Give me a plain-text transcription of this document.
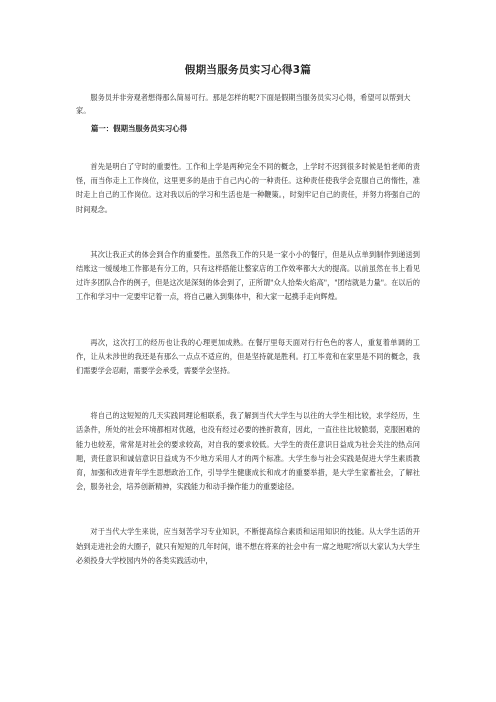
假期当服务员实习心得3篇

服务员并非旁观者想得那么简易可行。那是怎样的呢?下面是假期当服务员实习心得，希望可以帮到大家。

篇一：假期当服务员实习心得

首先是明白了守时的重要性。工作和上学是两种完全不同的概念，上学时不迟到很多时候是怕老师的责怪，而当你走上工作岗位，这里更多的是由于自己内心的一种责任。这种责任使我学会克服自己的惰性，准时走上自己的工作岗位。这对我以后的学习和生活也是一种鞭策。，时刻牢记自己的责任，并努力将强自己的时间观念。

其次让我正式的体会到合作的重要性。虽然我工作的只是一家小小的餐厅，但是从点单到制作到递送到结账这一缓缓地工作都是有分工的，只有这样搭能让整家店的工作效率都大大的提高。以前虽然在书上看见过许多团队合作的例子，但是这次是深刻的体会到了，正所谓"众人拾柴火焰高"，"团结就是力量"。在以后的工作和学习中一定要牢记着一点，将自己融入到集体中，和大家一起携手走向辉煌。

再次，这次打工的经历也让我的心理更加成熟。在餐厅里每天面对行行色色的客人，重复着单调的工作，让从未涉世的我还是有那么一点点不适应的，但是坚持就是胜利。打工毕竟和在家里是不同的概念，我们需要学会忍耐，需要学会承受，需要学会坚持。

将自己的这短短的几天实践同理论相联系，我了解到当代大学生与以往的大学生相比较，求学经历，生活条件，所处的社会环境都相对优越，也没有经过必要的挫折教育，因此，一直往往比较脆弱，克服困难的能力也较差，常常是对社会的要求较高，对自我的要求较低。大学生的责任意识日益成为社会关注的热点问题，责任意识和诚信意识日益成为不少地方采用人才的两个标准。大学生参与社会实践是促进大学生素质教育，加强和改进青年学生思想政治工作，引导学生健康成长和成才的重要举措，是大学生家蓄社会，了解社会，服务社会，培养创新精神，实践能力和动手操作能力的重要途径。

对于当代大学生来说，应当刻苦学习专业知识，不断提高综合素质和运用知识的技能。从大学生活的开始到走进社会的大圈子，就只有短短的几年时间，谁不想在将来的社会中有一席之地呢?所以大家认为大学生必须投身大学校园内外的各类实践活动中，
